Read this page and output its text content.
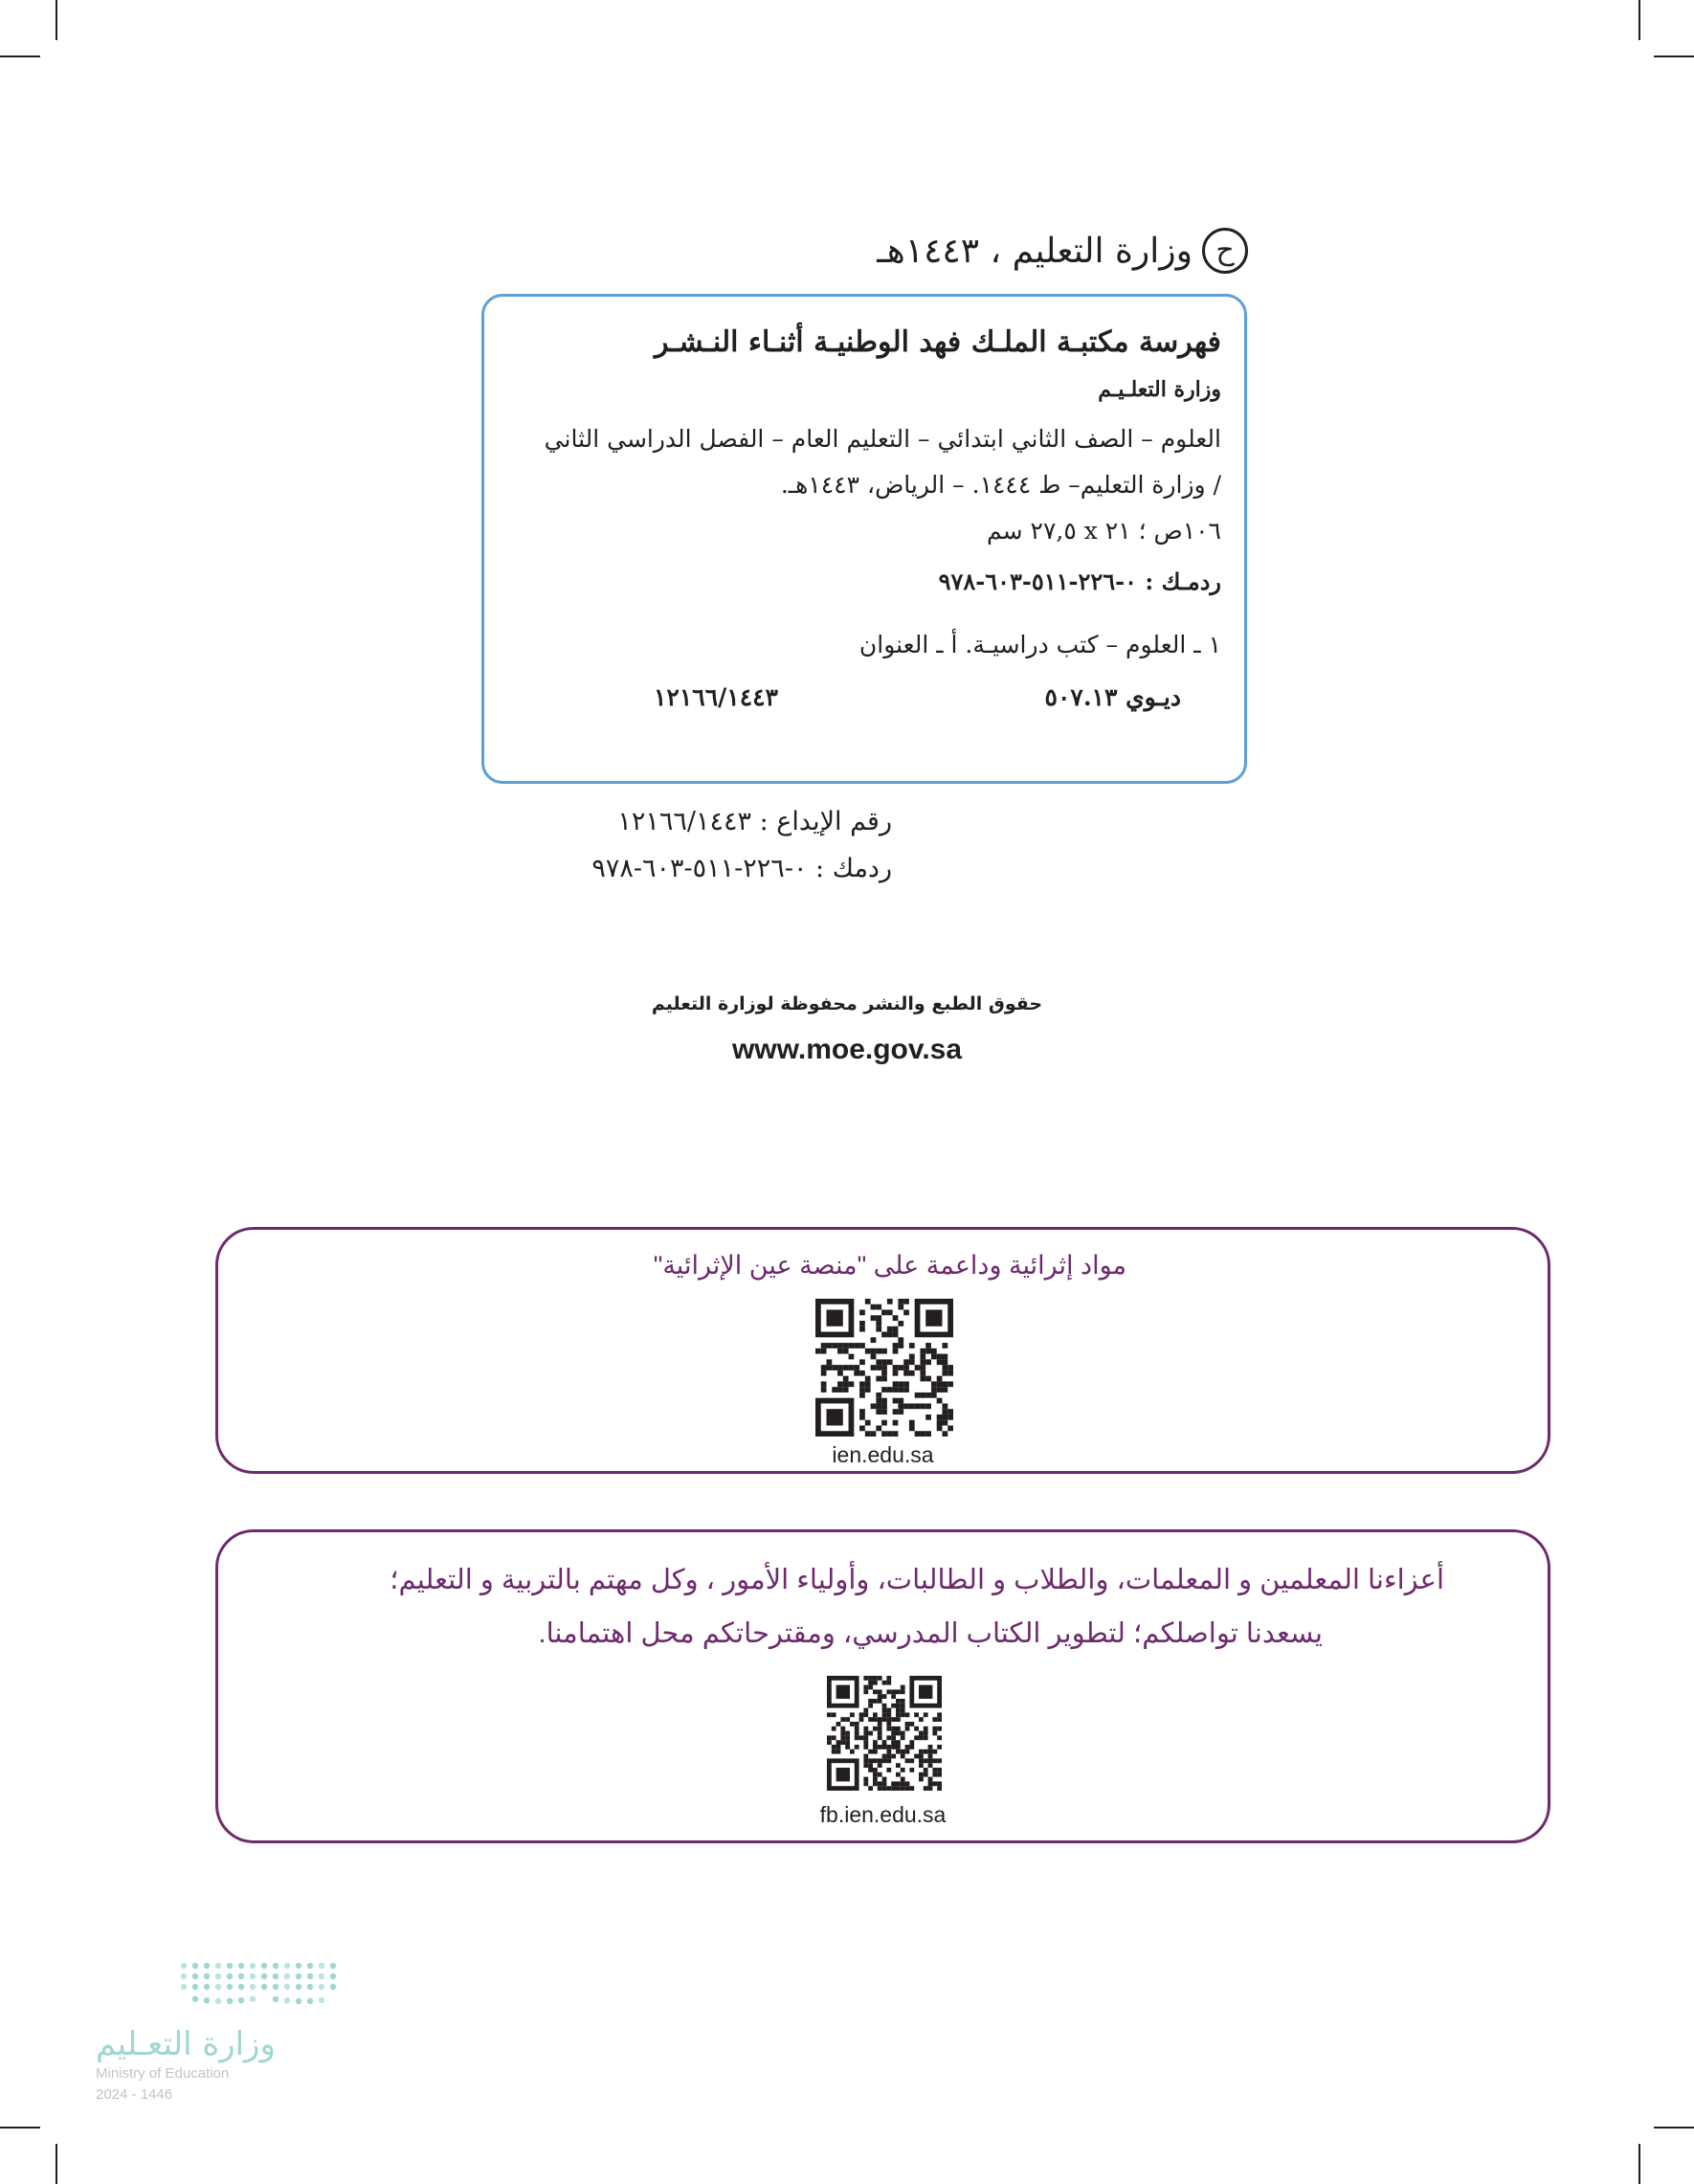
ح
وزارة التعليم ، ١٤٤٣هـ
فهرسة مكتبـة الملـك فهد الوطنيـة أثنـاء النـشـر
وزارة التعلـيـم
العلوم – الصف الثاني ابتدائي – التعليم العام – الفصل الدراسي الثاني
/ وزارة التعليم– ط ١٤٤٤. – الرياض، ١٤٤٣هـ.
١٠٦ص ؛ ٢١ x ٢٧,٥ سم
ردمـك : ٠-٢٢٦-٥١١-٦٠٣-٩٧٨
١ ـ العلوم – كتب دراسيـة. أ ـ العنوان
ديـوي ٥٠٧.١٣
١٢١٦٦/١٤٤٣
رقم الإيداع : ١٢١٦٦/١٤٤٣
ردمك : ٠-٢٢٦-٥١١-٦٠٣-٩٧٨
حقوق الطبع والنشر محفوظة لوزارة التعليم
www.moe.gov.sa
مواد إثرائية وداعمة على "منصة عين الإثرائية"
ien.edu.sa
أعزاءنا المعلمين و المعلمات، والطلاب و الطالبات، وأولياء الأمور ، وكل مهتم بالتربية و التعليم؛
يسعدنا تواصلكم؛ لتطوير الكتاب المدرسي، ومقترحاتكم محل اهتمامنا.
fb.ien.edu.sa
وزارة التعـليم
Ministry of Education
2024 - 1446
